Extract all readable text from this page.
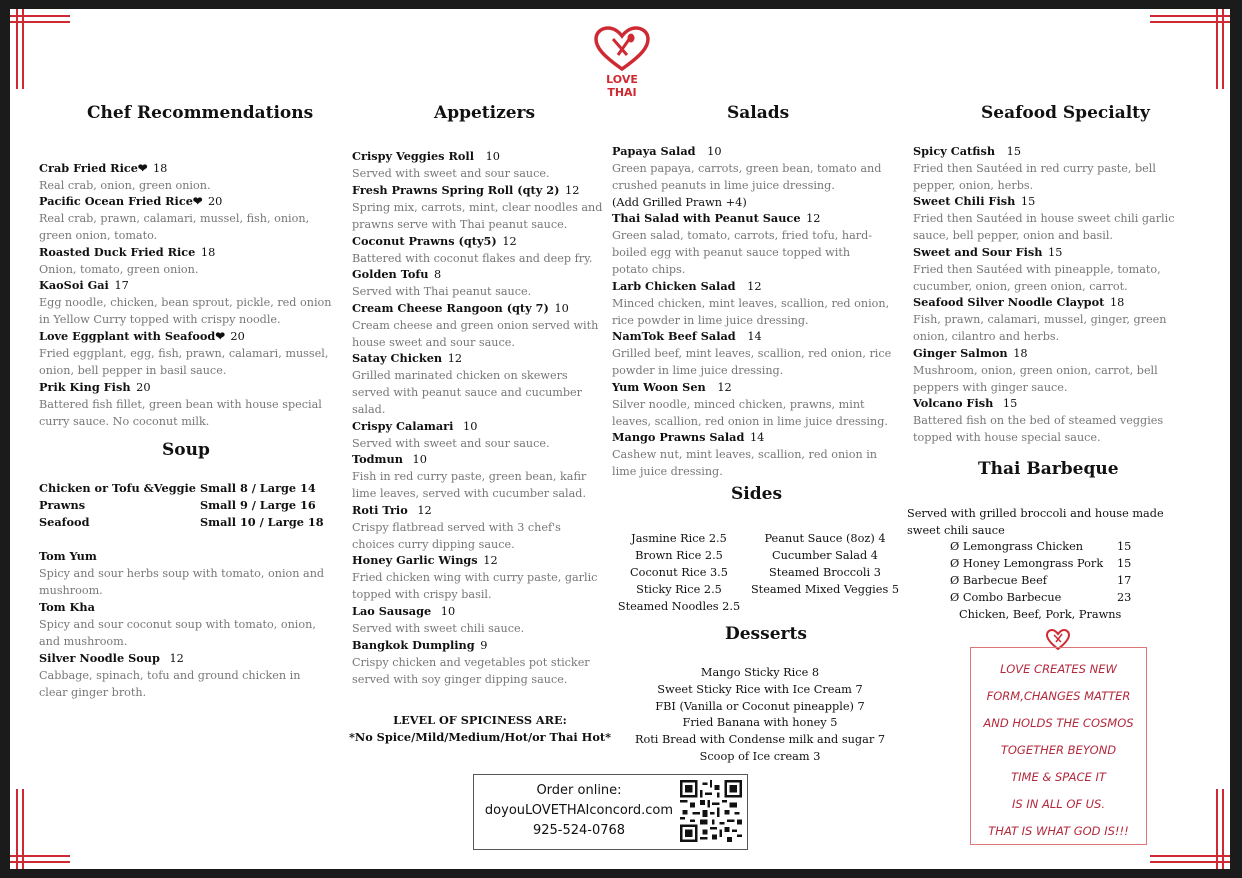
LOVE THAI
Chef Recommendations
Soup
Appetizers	Salads
Sides
Desserts
Seafood Specialty
Thai Barbeque
Crab Fried Rice❤ 18
Real crab, onion, green onion.
Pacific Ocean Fried Rice❤ 20
Real crab, prawn, calamari, mussel, fish, onion, green onion, tomato.
Roasted Duck Fried Rice 18
Onion, tomato, green onion.
KaoSoi Gai 17
Egg noodle, chicken, bean sprout, pickle, red onion in Yellow Curry topped with crispy noodle.
Love Eggplant with Seafood❤ 20
Fried eggplant, egg, fish, prawn, calamari, mussel, onion, bell pepper in basil sauce.
Prik King Fish 20
Battered fish fillet, green bean with house special curry sauce. No coconut milk.
Chicken or Tofu &Veggie Small 8 / Large 14
Prawns	Small 9 / Large 16
Seafood	Small 10 / Large 18
Tom Yum
Spicy and sour herbs soup with tomato, onion and mushroom.
Tom Kha
Spicy and sour coconut soup with tomato, onion, and mushroom.
Silver Noodle Soup 12
Cabbage, spinach, tofu and ground chicken in clear ginger broth.
Crispy Veggies Roll 10
Served with sweet and sour sauce.
Fresh Prawns Spring Roll (qty 2) 12
Spring mix, carrots, mint, clear noodles and prawns serve with Thai peanut sauce.
Coconut Prawns (qty5) 12
Battered with coconut flakes and deep fry.
Golden Tofu 8
Served with Thai peanut sauce.
Cream Cheese Rangoon (qty 7) 10
Cream cheese and green onion served with house sweet and sour sauce.
Satay Chicken 12
Grilled marinated chicken on skewers served with peanut sauce and cucumber salad.
Crispy Calamari 10
Served with sweet and sour sauce.
Todmun 10
Fish in red curry paste, green bean, kafir lime leaves, served with cucumber salad.
Roti Trio 12
Crispy flatbread served with 3 chef's choices curry dipping sauce.
Honey Garlic Wings 12
Fried chicken wing with curry paste, garlic topped with crispy basil.
Lao Sausage 10
Served with sweet chili sauce.
Bangkok Dumpling 9
Crispy chicken and vegetables pot sticker served with soy ginger dipping sauce.
LEVEL OF SPICINESS ARE:
*No Spice/Mild/Medium/Hot/or Thai Hot*
Papaya Salad 10
Green papaya, carrots, green bean, tomato and crushed peanuts in lime juice dressing.
(Add Grilled Prawn +4)
Thai Salad with Peanut Sauce 12
Green salad, tomato, carrots, fried tofu, hard-boiled egg with peanut sauce topped with potato chips.
Larb Chicken Salad 12
Minced chicken, mint leaves, scallion, red onion, rice powder in lime juice dressing.
NamTok Beef Salad 14
Grilled beef, mint leaves, scallion, red onion, rice powder in lime juice dressing.
Yum Woon Sen 12
Silver noodle, minced chicken, prawns, mint leaves, scallion, red onion in lime juice dressing.
Mango Prawns Salad 14
Cashew nut, mint leaves, scallion, red onion in lime juice dressing.
Jasmine Rice 2.5
Brown Rice 2.5
Coconut Rice 3.5
Sticky Rice 2.5
Steamed Noodles 2.5
Peanut Sauce (8oz) 4
Cucumber Salad 4
Steamed Broccoli 3
Steamed Mixed Veggies 5
Mango Sticky Rice 8
Sweet Sticky Rice with Ice Cream 7
FBI (Vanilla or Coconut pineapple) 7
Fried Banana with honey 5
Roti Bread with Condense milk and sugar 7
Scoop of Ice cream 3
Order online:
doyouLOVETHAIconcord.com
925-524-0768
Spicy Catfish 15
Fried then Sautéed in red curry paste, bell pepper, onion, herbs.
Sweet Chili Fish 15
Fried then Sautéed in house sweet chili garlic sauce, bell pepper, onion and basil.
Sweet and Sour Fish 15
Fried then Sautéed with pineapple, tomato, cucumber, onion, green onion, carrot.
Seafood Silver Noodle Claypot 18
Fish, prawn, calamari, mussel, ginger, green onion, cilantro and herbs.
Ginger Salmon 18
Mushroom, onion, green onion, carrot, bell peppers with ginger sauce.
Volcano Fish 15
Battered fish on the bed of steamed veggies topped with house special sauce.
Served with grilled broccoli and house made
sweet chili sauce
Ø Lemongrass Chicken	15
Ø Honey Lemongrass Pork 15
Ø Barbecue Beef	17
Ø Combo Barbecue	23
Chicken, Beef, Pork, Prawns
LOVE CREATES NEW
FORM,CHANGES MATTER
AND HOLDS THE COSMOS
TOGETHER BEYOND
TIME & SPACE IT
IS IN ALL OF US.
THAT IS WHAT GOD IS!!!
